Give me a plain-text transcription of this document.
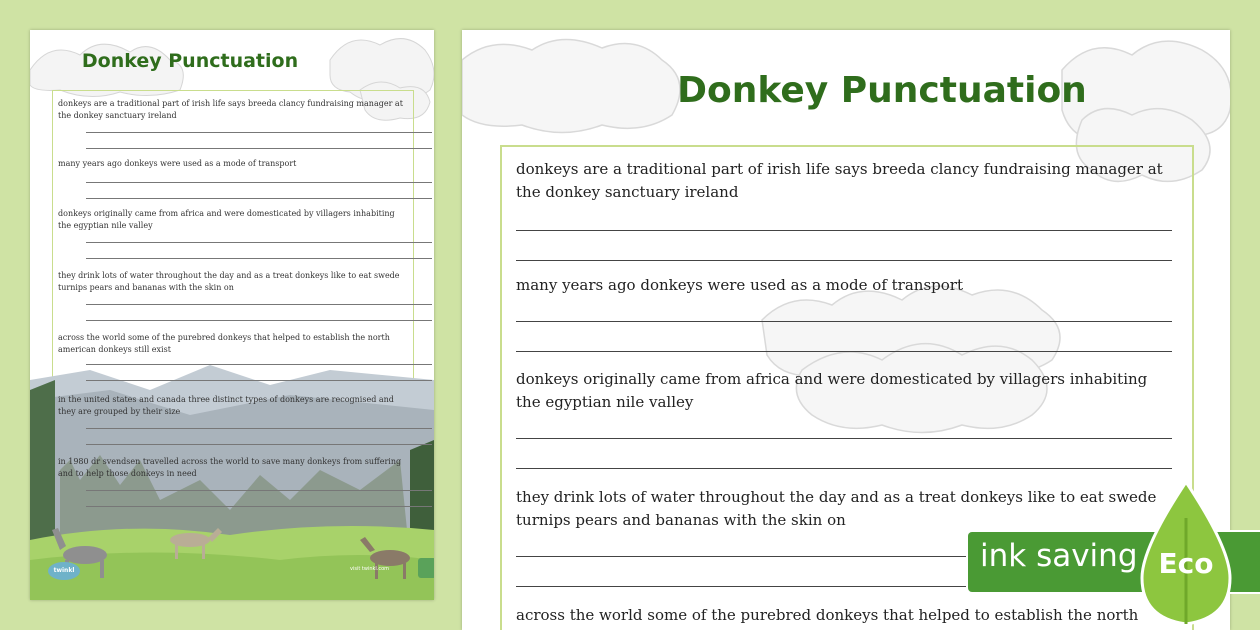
Donkey Punctuation
donkeys are a traditional part of irish life says breeda clancy fundraising manager at the donkey sanctuary ireland
many years ago donkeys were used as a mode of transport
donkeys originally came from africa and were domesticated by villagers inhabiting the egyptian nile valley
they drink lots of water throughout the day and as a treat donkeys like to eat swede turnips pears and bananas with the skin on
across the world some of the purebred donkeys that helped to establish the north american donkeys still exist
in the united states and canada three distinct types of donkeys are recognised and they are grouped by their size
in 1980 dr svendsen travelled across the world to save many donkeys from suffering and to help those donkeys in need
twinkl	visit twinkl.com
Donkey Punctuation
donkeys are a traditional part of irish life says breeda clancy fundraising manager at the donkey sanctuary ireland
many years ago donkeys were used as a mode of transport
donkeys originally came from africa and were domesticated by villagers inhabiting the egyptian nile valley
they drink lots of water throughout the day and as a treat donkeys like to eat swede turnips pears and bananas with the skin on
across the world some of the purebred donkeys that helped to establish the north
ink saving Eco
